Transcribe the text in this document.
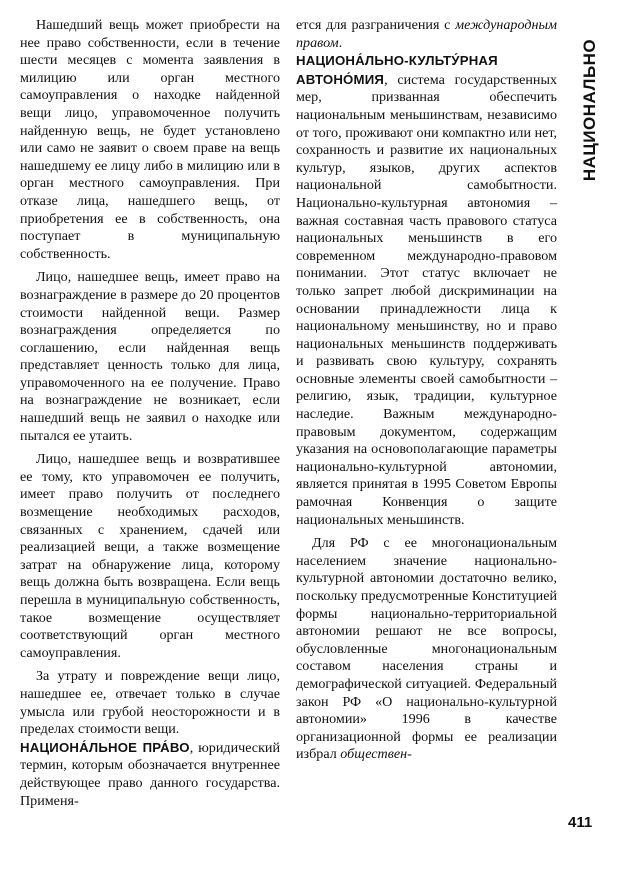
Нашедший вещь может приобрести на нее право собственности, если в течение шести месяцев с момента заявления в милицию или орган местного самоуправления о находке найденной вещи лицо, управомоченное получить найденную вещь, не будет установлено или само не заявит о своем праве на вещь нашедшему ее лицу либо в милицию или в орган местного самоуправления. При отказе лица, нашедшего вещь, от приобретения ее в собственность, она поступает в муниципальную собственность.

Лицо, нашедшее вещь, имеет право на вознаграждение в размере до 20 процентов стоимости найденной вещи. Размер вознаграждения определяется по соглашению, если найденная вещь представляет ценность только для лица, управомоченного на ее получение. Право на вознаграждение не возникает, если нашедший вещь не заявил о находке или пытался ее утаить.

Лицо, нашедшее вещь и возвратившее ее тому, кто управомочен ее получить, имеет право получить от последнего возмещение необходимых расходов, связанных с хранением, сдачей или реализацией вещи, а также возмещение затрат на обнаружение лица, которому вещь должна быть возвращена. Если вещь перешла в муниципальную собственность, такое возмещение осуществляет соответствующий орган местного самоуправления.

За утрату и повреждение вещи лицо, нашедшее ее, отвечает только в случае умысла или грубой неосторожности и в пределах стоимости вещи.

НАЦИОНА́ЛЬНОЕ ПРА́ВО, юридический термин, которым обозначается внутреннее действующее право данного государства. Применя-

ется для разграничения с международным правом.

НАЦИОНА́ЛЬНО-КУЛЬТУ́РНАЯ АВТОНО́МИЯ, система государственных мер, призванная обеспечить национальным меньшинствам, независимо от того, проживают они компактно или нет, сохранность и развитие их национальных культур, языков, других аспектов национальной самобытности. Национально-культурная автономия – важная составная часть правового статуса национальных меньшинств в его современном международно-правовом понимании. Этот статус включает не только запрет любой дискриминации на основании принадлежности лица к национальному меньшинству, но и право национальных меньшинств поддерживать и развивать свою культуру, сохранять основные элементы своей самобытности – религию, язык, традиции, культурное наследие. Важным международно-правовым документом, содержащим указания на основополагающие параметры национально-культурной автономии, является принятая в 1995 Советом Европы рамочная Конвенция о защите национальных меньшинств.

Для РФ с ее многонациональным населением значение национально-культурной автономии достаточно велико, поскольку предусмотренные Конституцией формы национально-территориальной автономии решают не все вопросы, обусловленные многонациональным составом населения страны и демографической ситуацией. Федеральный закон РФ «О национально-культурной автономии» 1996 в качестве организационной формы ее реализации избрал обществен-

НАЦИОНАЛЬНО
411
